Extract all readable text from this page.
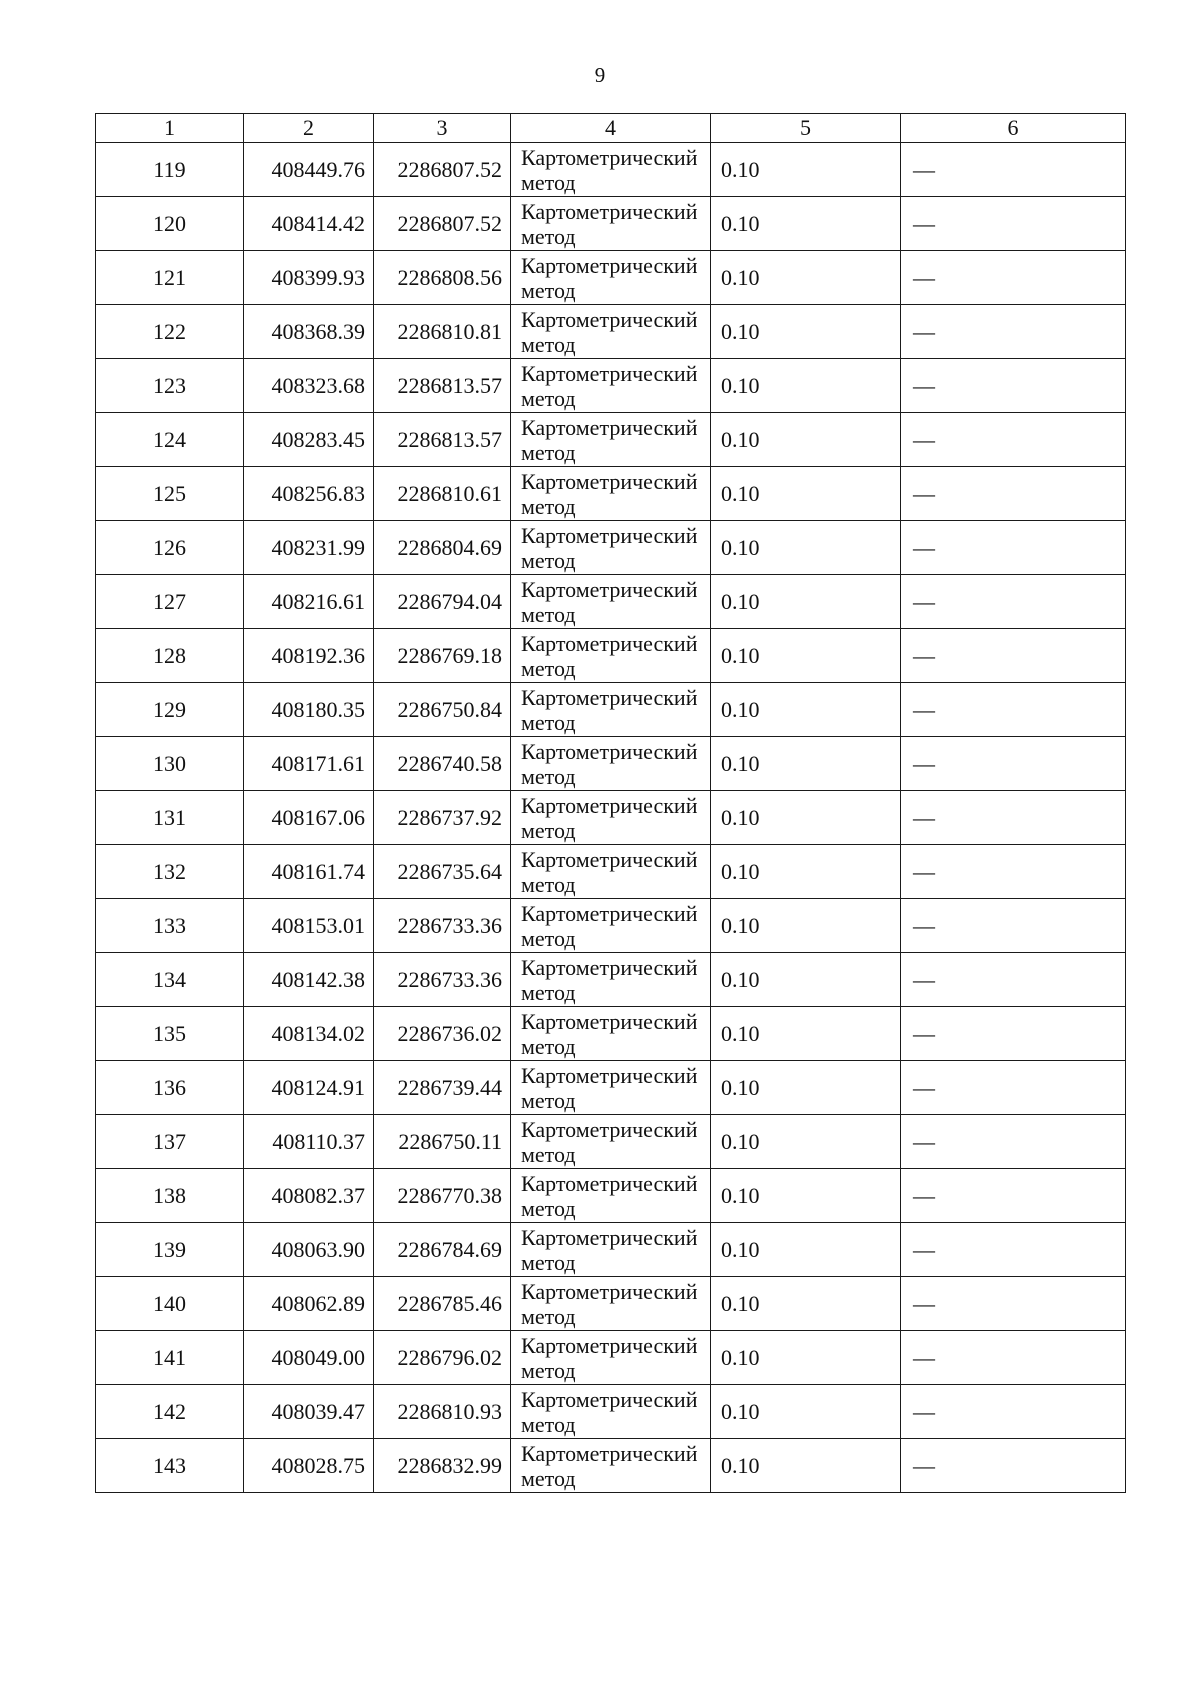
9
1	2	3	4	5	6
119	408449.76	2286807.52	Картометрический метод	0.10	—
120	408414.42	2286807.52	Картометрический метод	0.10	—
121	408399.93	2286808.56	Картометрический метод	0.10	—
122	408368.39	2286810.81	Картометрический метод	0.10	—
123	408323.68	2286813.57	Картометрический метод	0.10	—
124	408283.45	2286813.57	Картометрический метод	0.10	—
125	408256.83	2286810.61	Картометрический метод	0.10	—
126	408231.99	2286804.69	Картометрический метод	0.10	—
127	408216.61	2286794.04	Картометрический метод	0.10	—
128	408192.36	2286769.18	Картометрический метод	0.10	—
129	408180.35	2286750.84	Картометрический метод	0.10	—
130	408171.61	2286740.58	Картометрический метод	0.10	—
131	408167.06	2286737.92	Картометрический метод	0.10	—
132	408161.74	2286735.64	Картометрический метод	0.10	—
133	408153.01	2286733.36	Картометрический метод	0.10	—
134	408142.38	2286733.36	Картометрический метод	0.10	—
135	408134.02	2286736.02	Картометрический метод	0.10	—
136	408124.91	2286739.44	Картометрический метод	0.10	—
137	408110.37	2286750.11	Картометрический метод	0.10	—
138	408082.37	2286770.38	Картометрический метод	0.10	—
139	408063.90	2286784.69	Картометрический метод	0.10	—
140	408062.89	2286785.46	Картометрический метод	0.10	—
141	408049.00	2286796.02	Картометрический метод	0.10	—
142	408039.47	2286810.93	Картометрический метод	0.10	—
143	408028.75	2286832.99	Картометрический метод	0.10	—
